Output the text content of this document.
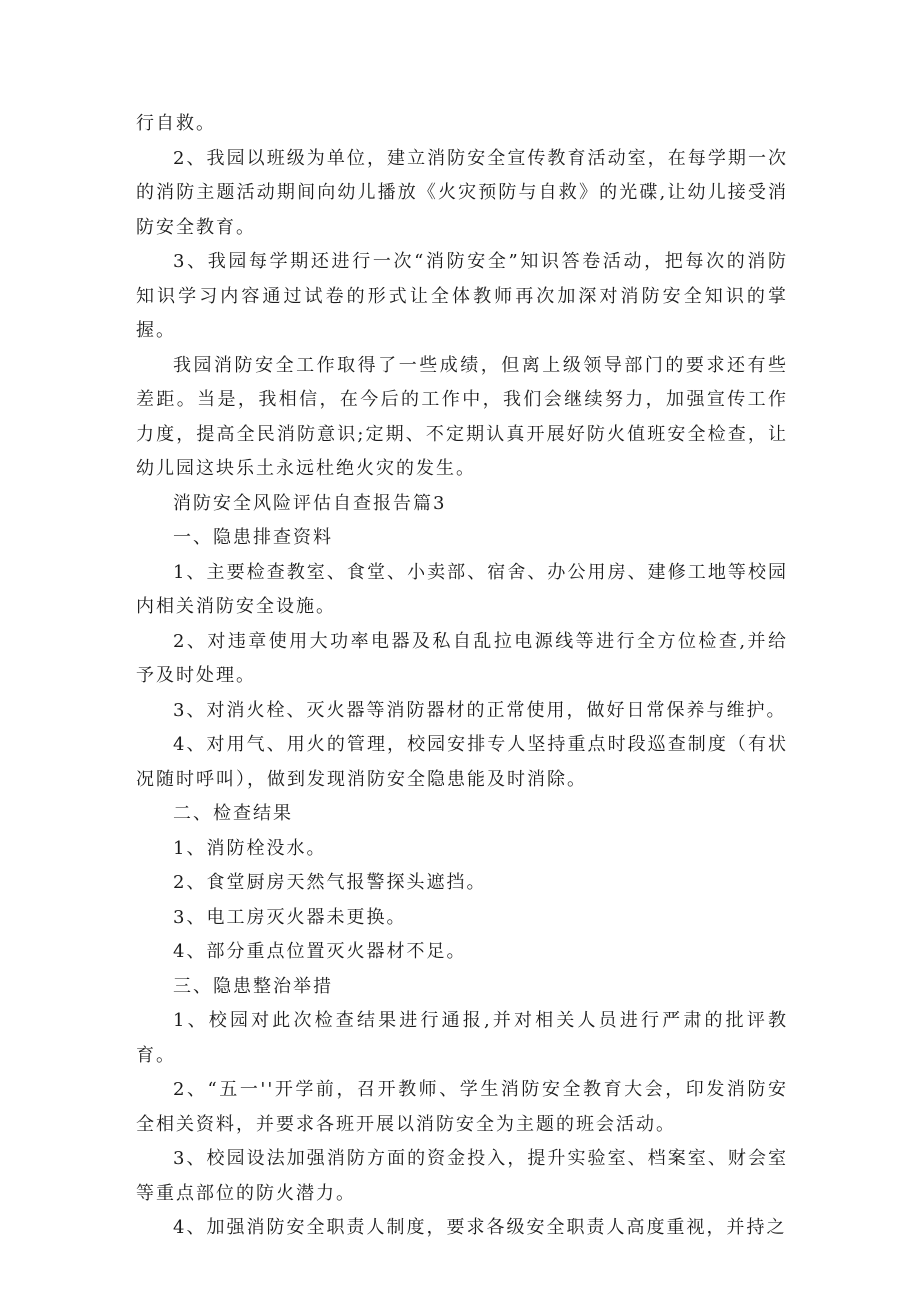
行自救。

2、我园以班级为单位，建立消防安全宣传教育活动室，在每学期一次的消防主题活动期间向幼儿播放《火灾预防与自救》的光碟,让幼儿接受消防安全教育。

3、我园每学期还进行一次“消防安全”知识答卷活动，把每次的消防知识学习内容通过试卷的形式让全体教师再次加深对消防安全知识的掌握。

我园消防安全工作取得了一些成绩，但离上级领导部门的要求还有些差距。当是，我相信，在今后的工作中，我们会继续努力，加强宣传工作力度，提高全民消防意识;定期、不定期认真开展好防火值班安全检查，让幼儿园这块乐土永远杜绝火灾的发生。

消防安全风险评估自查报告篇3

一、隐患排查资料

1、主要检查教室、食堂、小卖部、宿舍、办公用房、建修工地等校园内相关消防安全设施。

2、对违章使用大功率电器及私自乱拉电源线等进行全方位检查,并给予及时处理。

3、对消火栓、灭火器等消防器材的正常使用，做好日常保养与维护。

4、对用气、用火的管理，校园安排专人坚持重点时段巡查制度（有状况随时呼叫），做到发现消防安全隐患能及时消除。

二、检查结果

1、消防栓没水。

2、食堂厨房天然气报警探头遮挡。

3、电工房灭火器未更换。

4、部分重点位置灭火器材不足。

三、隐患整治举措

1、校园对此次检查结果进行通报,并对相关人员进行严肃的批评教育。

2、“五一''开学前，召开教师、学生消防安全教育大会，印发消防安全相关资料，并要求各班开展以消防安全为主题的班会活动。

3、校园设法加强消防方面的资金投入，提升实验室、档案室、财会室等重点部位的防火潜力。

4、加强消防安全职责人制度，要求各级安全职责人高度重视，并持之
